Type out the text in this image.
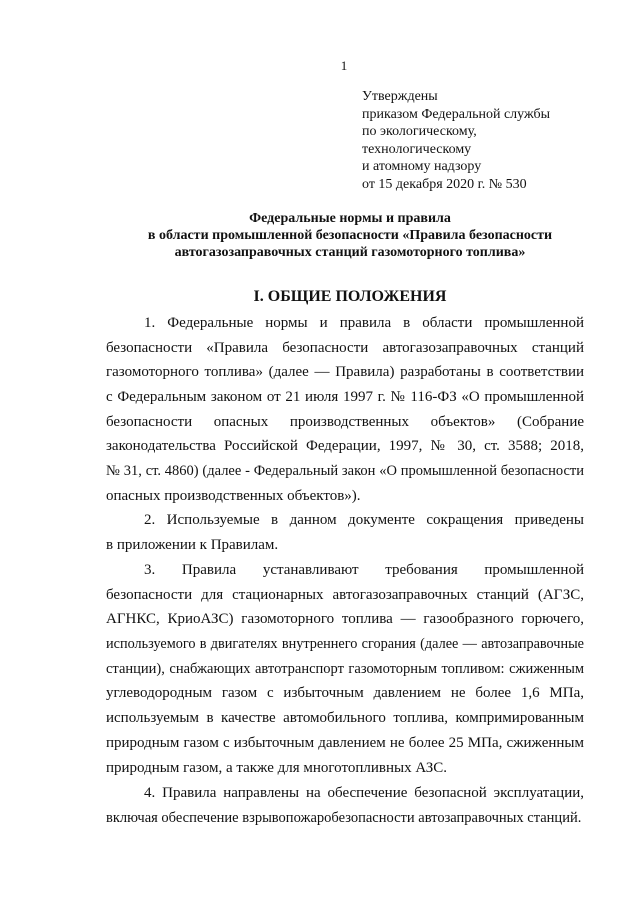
1
Утверждены
приказом Федеральной службы
по экологическому,
технологическому
и атомному надзору
от 15 декабря 2020 г. № 530
Федеральные нормы и правила
в области промышленной безопасности «Правила безопасности
автогазозаправочных станций газомоторного топлива»
I. ОБЩИЕ ПОЛОЖЕНИЯ
1. Федеральные нормы и правила в области промышленной
безопасности «Правила безопасности автогазозаправочных станций
газомоторного топлива» (далее — Правила) разработаны в соответствии
с Федеральным законом от 21 июля 1997 г. № 116-ФЗ «О промышленной
безопасности опасных производственных объектов» (Собрание
законодательства Российской Федерации, 1997, № 30, ст. 3588; 2018,
№ 31, ст. 4860) (далее - Федеральный закон «О промышленной безопасности
опасных производственных объектов»).
2. Используемые в данном документе сокращения приведены
в приложении к Правилам.
3. Правила устанавливают требования промышленной
безопасности для стационарных автогазозаправочных станций (АГЗС,
АГНКС, КриоАЗС) газомоторного топлива — газообразного горючего,
используемого в двигателях внутреннего сгорания (далее — автозаправочные
станции), снабжающих автотранспорт газомоторным топливом: сжиженным
углеводородным газом с избыточным давлением не более 1,6 МПа,
используемым в качестве автомобильного топлива, компримированным
природным газом с избыточным давлением не более 25 МПа, сжиженным
природным газом, а также для многотопливных АЗС.
4. Правила направлены на обеспечение безопасной эксплуатации,
включая обеспечение взрывопожаробезопасности автозаправочных станций.
